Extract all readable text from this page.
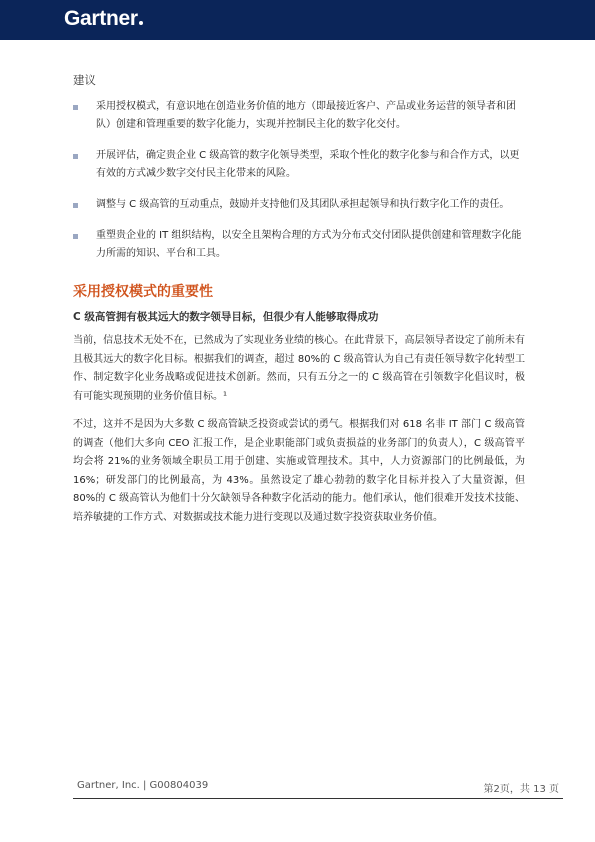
Gartner
建议
采用授权模式，有意识地在创造业务价值的地方（即最接近客户、产品或业务运营的领导者和团队）创建和管理重要的数字化能力，实现并控制民主化的数字化交付。
开展评估，确定贵企业 C 级高管的数字化领导类型，采取个性化的数字化参与和合作方式，以更有效的方式减少数字交付民主化带来的风险。
调整与 C 级高管的互动重点，鼓励并支持他们及其团队承担起领导和执行数字化工作的责任。
重塑贵企业的 IT 组织结构，以安全且架构合理的方式为分布式交付团队提供创建和管理数字化能力所需的知识、平台和工具。
采用授权模式的重要性
C 级高管拥有极其远大的数字领导目标，但很少有人能够取得成功

当前，信息技术无处不在，已然成为了实现业务业绩的核心。在此背景下，高层领导者设定了前所未有且极其远大的数字化目标。根据我们的调查，超过 80%的 C 级高管认为自己有责任领导数字化转型工作、制定数字化业务战略或促进技术创新。然而，只有五分之一的 C 级高管在引领数字化倡议时，极有可能实现预期的业务价值目标。¹

不过，这并不是因为大多数 C 级高管缺乏投资或尝试的勇气。根据我们对 618 名非 IT 部门 C 级高管的调查（他们大多向 CEO 汇报工作，是企业职能部门或负责损益的业务部门的负责人），C 级高管平均会将 21%的业务领域全职员工用于创建、实施或管理技术。其中，人力资源部门的比例最低，为 16%；研发部门的比例最高，为 43%。虽然设定了雄心勃勃的数字化目标并投入了大量资源，但 80%的 C 级高管认为他们十分欠缺领导各种数字化活动的能力。他们承认，他们很难开发技术技能、培养敏捷的工作方式、对数据或技术能力进行变现以及通过数字投资获取业务价值。

Gartner, Inc. | G00804039	第2页，共 13 页
